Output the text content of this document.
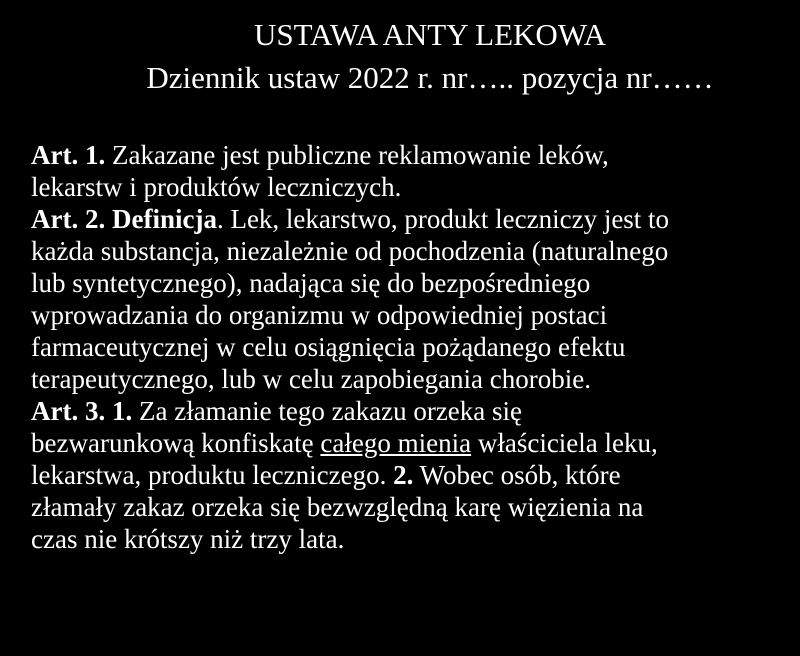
USTAWA ANTY LEKOWA
Dziennik ustaw 2022 r. nr….. pozycja nr……
Art. 1. Zakazane jest publiczne reklamowanie leków,
lekarstw i produktów leczniczych.
Art. 2. Definicja. Lek, lekarstwo, produkt leczniczy jest to
każda substancja, niezależnie od pochodzenia (naturalnego
lub syntetycznego), nadająca się do bezpośredniego
wprowadzania do organizmu w odpowiedniej postaci
farmaceutycznej w celu osiągnięcia pożądanego efektu
terapeutycznego, lub w celu zapobiegania chorobie.
Art. 3. 1. Za złamanie tego zakazu orzeka się
bezwarunkową konfiskatę całego mienia właściciela leku,
lekarstwa, produktu leczniczego. 2. Wobec osób, które
złamały zakaz orzeka się bezwzględną karę więzienia na
czas nie krótszy niż trzy lata.
